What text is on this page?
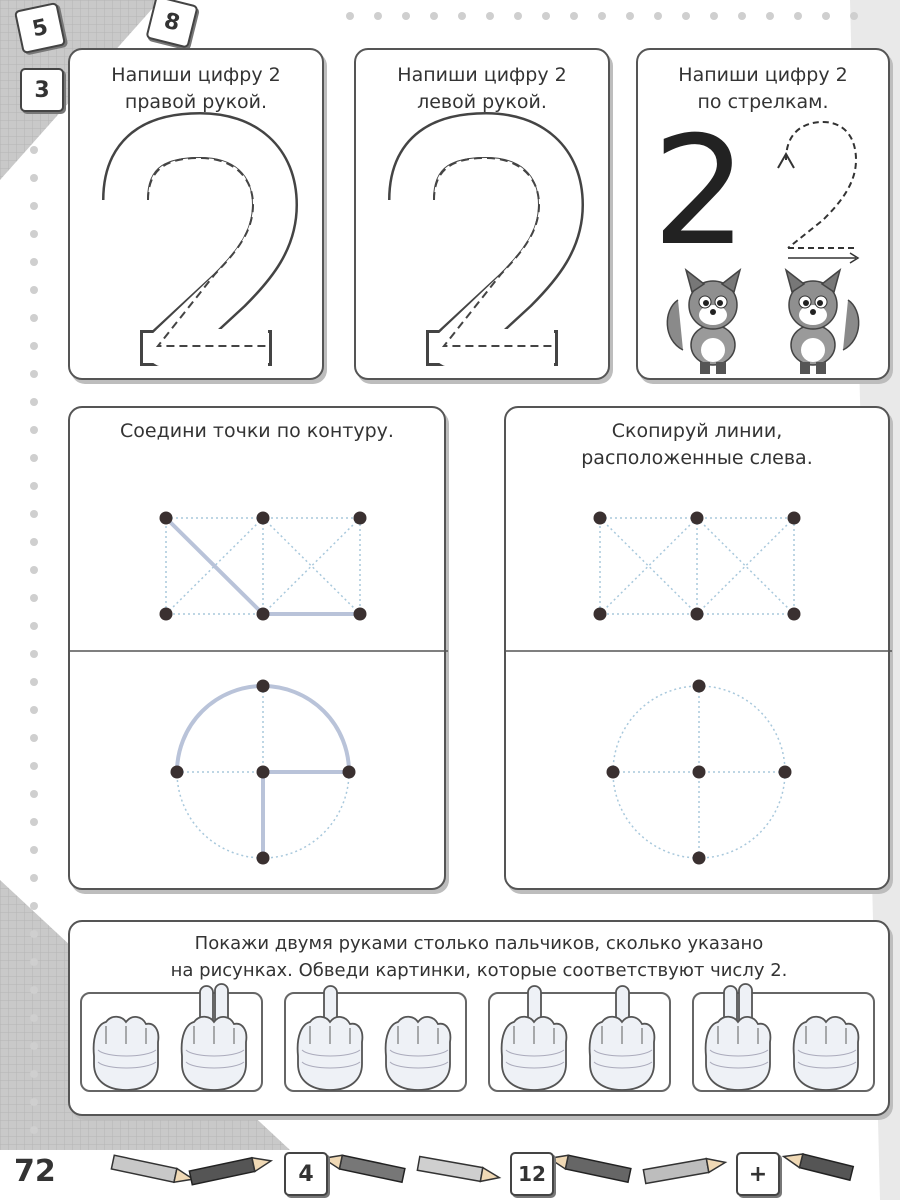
5	8
3
Напиши цифру 2
правой рукой.
Напиши цифру 2
левой рукой.
Напиши цифру 2
по стрелкам.
2
Соедини точки по контуру.	Скопируй линии,
расположенные слева.
Покажи двумя руками столько пальчиков, сколько указано
на рисунках. Обведи картинки, которые соответствуют числу 2.
72	4	12	+
